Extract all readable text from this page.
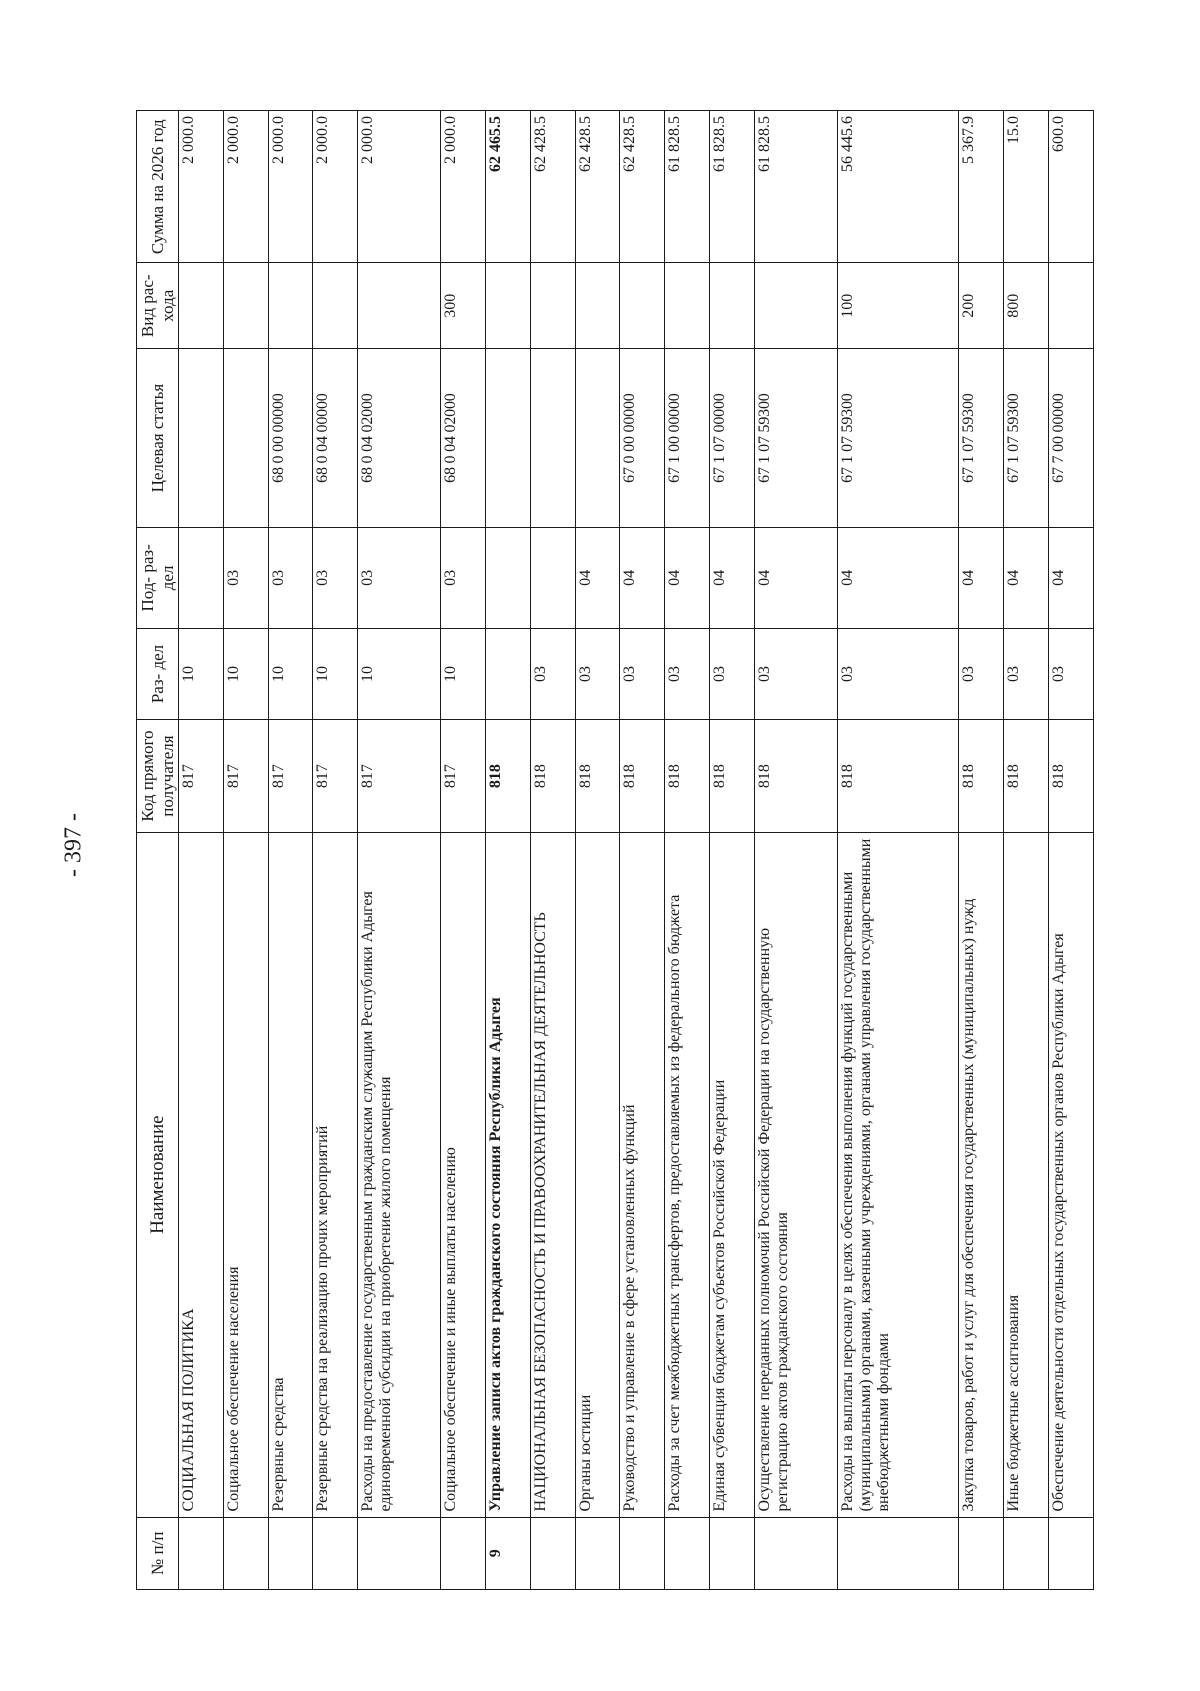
- 397 -
№ п/п	Наименование	Код прямого получателя	Раз- дел	Под- раз- дел	Целевая статья	Вид рас- хода	Сумма на 2026 год
	СОЦИАЛЬНАЯ ПОЛИТИКА	817	10				2 000.0
	Социальное обеспечение населения	817	10	03			2 000.0
	Резервные средства	817	10	03	68 0 00 00000		2 000.0
	Резервные средства на реализацию прочих мероприятий	817	10	03	68 0 04 00000		2 000.0
	Расходы на предоставление государственным гражданским служащим Республики Адыгея единовременной субсидии на приобретение жилого помещения	817	10	03	68 0 04 02000		2 000.0
	Социальное обеспечение и иные выплаты населению	817	10	03	68 0 04 02000	300	2 000.0
9	Управление записи актов гражданского состояния Республики Адыгея	818					62 465.5
	НАЦИОНАЛЬНАЯ БЕЗОПАСНОСТЬ И ПРАВООХРАНИТЕЛЬНАЯ ДЕЯТЕЛЬНОСТЬ	818	03				62 428.5
	Органы юстиции	818	03	04			62 428.5
	Руководство и управление в сфере установленных функций	818	03	04	67 0 00 00000		62 428.5
	Расходы за счет межбюджетных трансфертов, предоставляемых из федерального бюджета	818	03	04	67 1 00 00000		61 828.5
	Единая субвенция бюджетам субъектов Российской Федерации	818	03	04	67 1 07 00000		61 828.5
	Осуществление переданных полномочий Российской Федерации на государственную регистрацию актов гражданского состояния	818	03	04	67 1 07 59300		61 828.5
	Расходы на выплаты персоналу в целях обеспечения выполнения функций государственными (муниципальными) органами, казенными учреждениями, органами управления государственными внебюджетными фондами	818	03	04	67 1 07 59300	100	56 445.6
	Закупка товаров, работ и услуг для обеспечения государственных (муниципальных) нужд	818	03	04	67 1 07 59300	200	5 367.9
	Иные бюджетные ассигнования	818	03	04	67 1 07 59300	800	15.0
	Обеспечение деятельности отдельных государственных органов Республики Адыгея	818	03	04	67 7 00 00000		600.0
